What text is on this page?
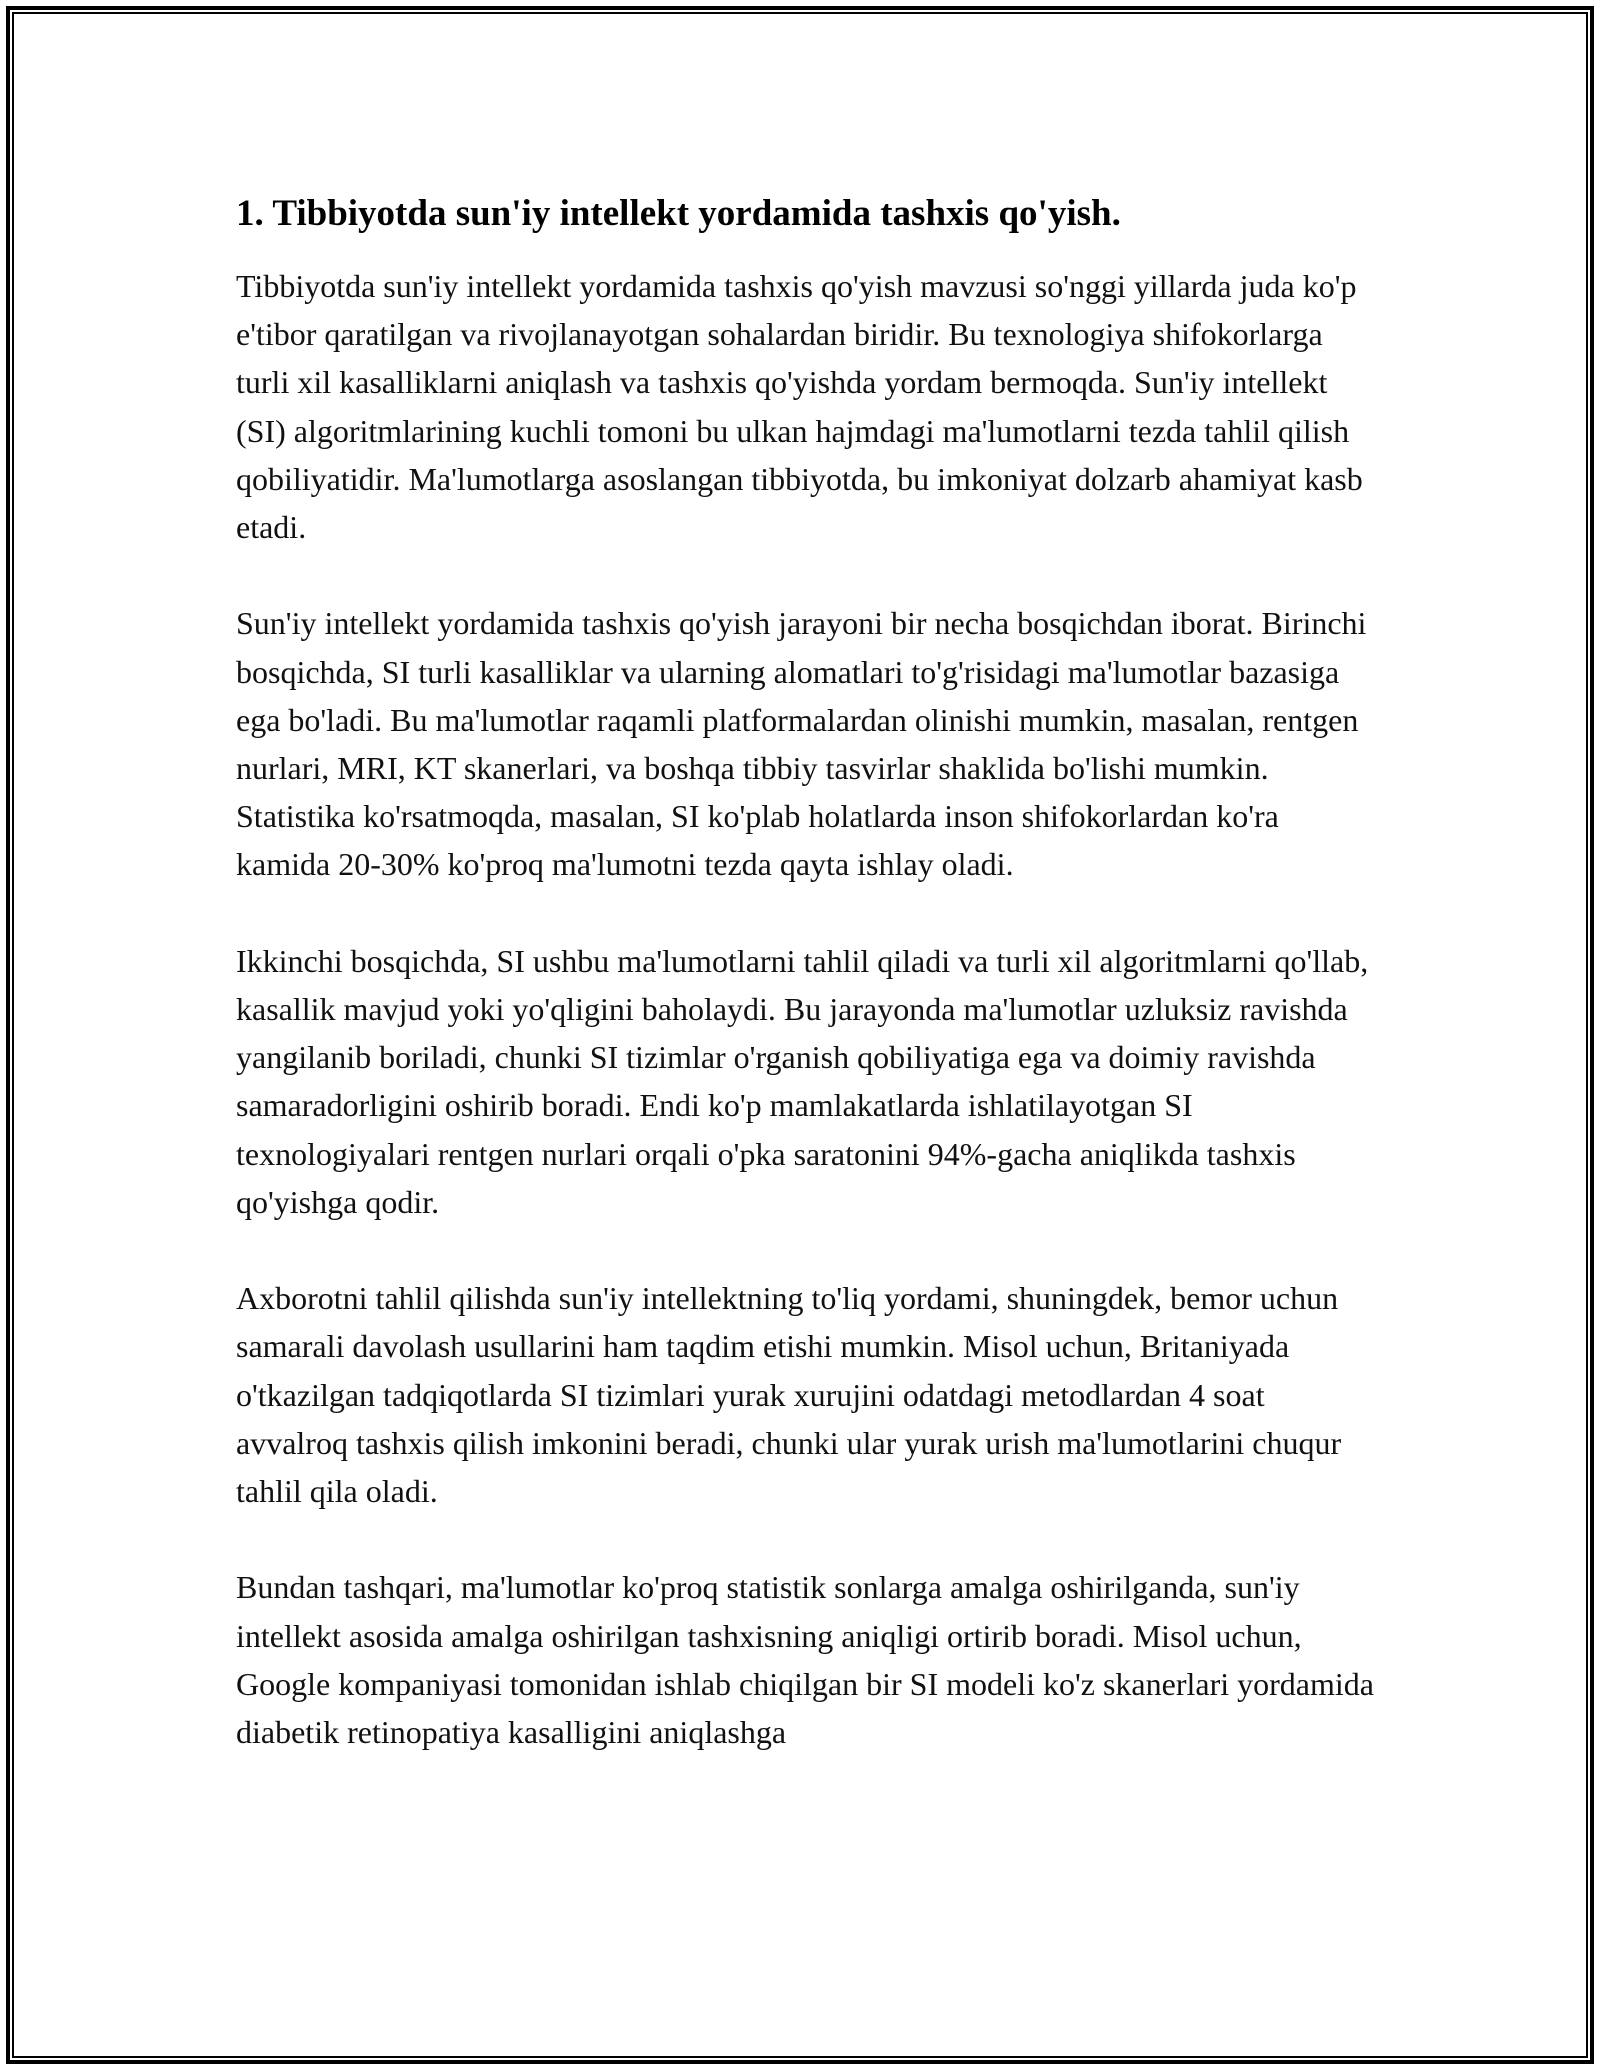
1. Tibbiyotda sun'iy intellekt yordamida tashxis qo'yish.

Tibbiyotda sun'iy intellekt yordamida tashxis qo'yish mavzusi so'nggi yillarda juda ko'p e'tibor qaratilgan va rivojlanayotgan sohalardan biridir. Bu texnologiya shifokorlarga turli xil kasalliklarni aniqlash va tashxis qo'yishda yordam bermoqda. Sun'iy intellekt (SI) algoritmlarining kuchli tomoni bu ulkan hajmdagi ma'lumotlarni tezda tahlil qilish qobiliyatidir. Ma'lumotlarga asoslangan tibbiyotda, bu imkoniyat dolzarb ahamiyat kasb etadi.

Sun'iy intellekt yordamida tashxis qo'yish jarayoni bir necha bosqichdan iborat. Birinchi bosqichda, SI turli kasalliklar va ularning alomatlari to'g'risidagi ma'lumotlar bazasiga ega bo'ladi. Bu ma'lumotlar raqamli platformalardan olinishi mumkin, masalan, rentgen nurlari, MRI, KT skanerlari, va boshqa tibbiy tasvirlar shaklida bo'lishi mumkin. Statistika ko'rsatmoqda, masalan, SI ko'plab holatlarda inson shifokorlardan ko'ra kamida 20-30% ko'proq ma'lumotni tezda qayta ishlay oladi.

Ikkinchi bosqichda, SI ushbu ma'lumotlarni tahlil qiladi va turli xil algoritmlarni qo'llab, kasallik mavjud yoki yo'qligini baholaydi. Bu jarayonda ma'lumotlar uzluksiz ravishda yangilanib boriladi, chunki SI tizimlar o'rganish qobiliyatiga ega va doimiy ravishda samaradorligini oshirib boradi. Endi ko'p mamlakatlarda ishlatilayotgan SI texnologiyalari rentgen nurlari orqali o'pka saratonini 94%-gacha aniqlikda tashxis qo'yishga qodir.

Axborotni tahlil qilishda sun'iy intellektning to'liq yordami, shuningdek, bemor uchun samarali davolash usullarini ham taqdim etishi mumkin. Misol uchun, Britaniyada o'tkazilgan tadqiqotlarda SI tizimlari yurak xurujini odatdagi metodlardan 4 soat avvalroq tashxis qilish imkonini beradi, chunki ular yurak urish ma'lumotlarini chuqur tahlil qila oladi.

Bundan tashqari, ma'lumotlar ko'proq statistik sonlarga amalga oshirilganda, sun'iy intellekt asosida amalga oshirilgan tashxisning aniqligi ortirib boradi. Misol uchun, Google kompaniyasi tomonidan ishlab chiqilgan bir SI modeli ko'z skanerlari yordamida diabetik retinopatiya kasalligini aniqlashga
